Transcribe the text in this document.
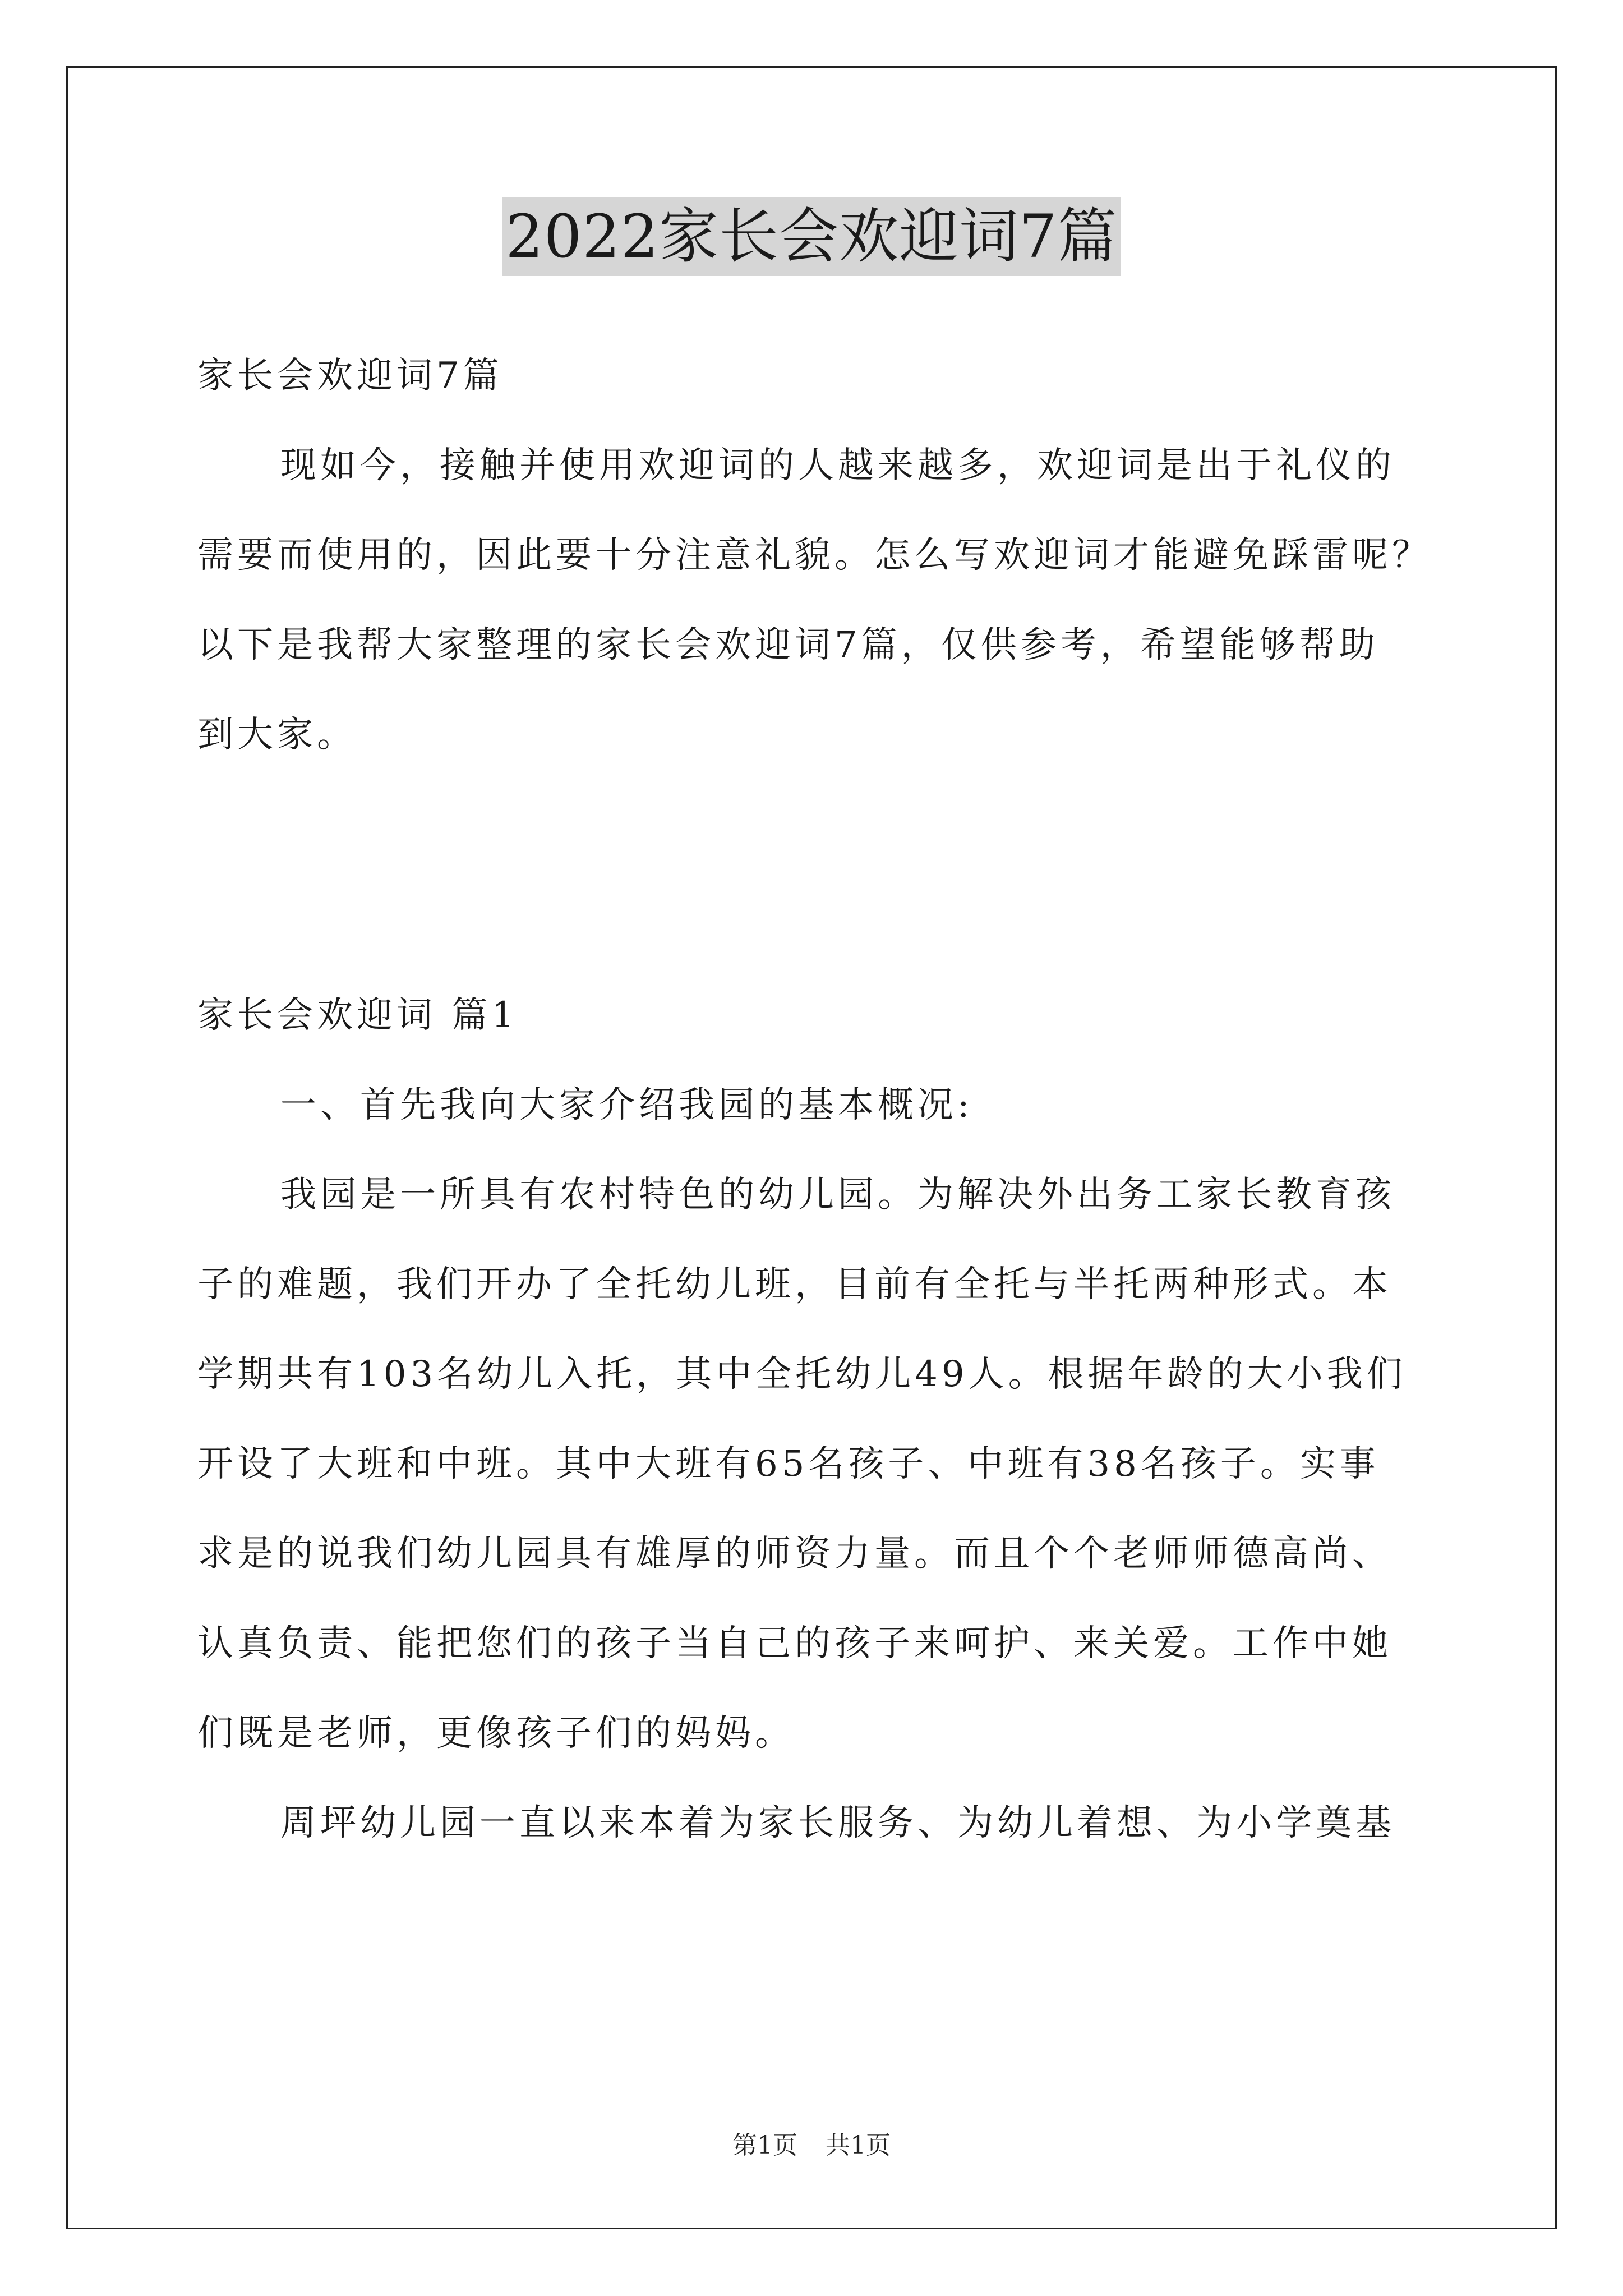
2022家长会欢迎词7篇
家长会欢迎词7篇
现如今，接触并使用欢迎词的人越来越多，欢迎词是出于礼仪的
需要而使用的，因此要十分注意礼貌。怎么写欢迎词才能避免踩雷呢？
以下是我帮大家整理的家长会欢迎词7篇，仅供参考，希望能够帮助
到大家。
家长会欢迎词 篇1
一、首先我向大家介绍我园的基本概况:
我园是一所具有农村特色的幼儿园。为解决外出务工家长教育孩
子的难题，我们开办了全托幼儿班，目前有全托与半托两种形式。本
学期共有103名幼儿入托，其中全托幼儿49人。根据年龄的大小我们
开设了大班和中班。其中大班有65名孩子、中班有38名孩子。实事
求是的说我们幼儿园具有雄厚的师资力量。而且个个老师师德高尚、
认真负责、能把您们的孩子当自己的孩子来呵护、来关爱。工作中她
们既是老师，更像孩子们的妈妈。
周坪幼儿园一直以来本着为家长服务、为幼儿着想、为小学奠基
第1页 共1页
